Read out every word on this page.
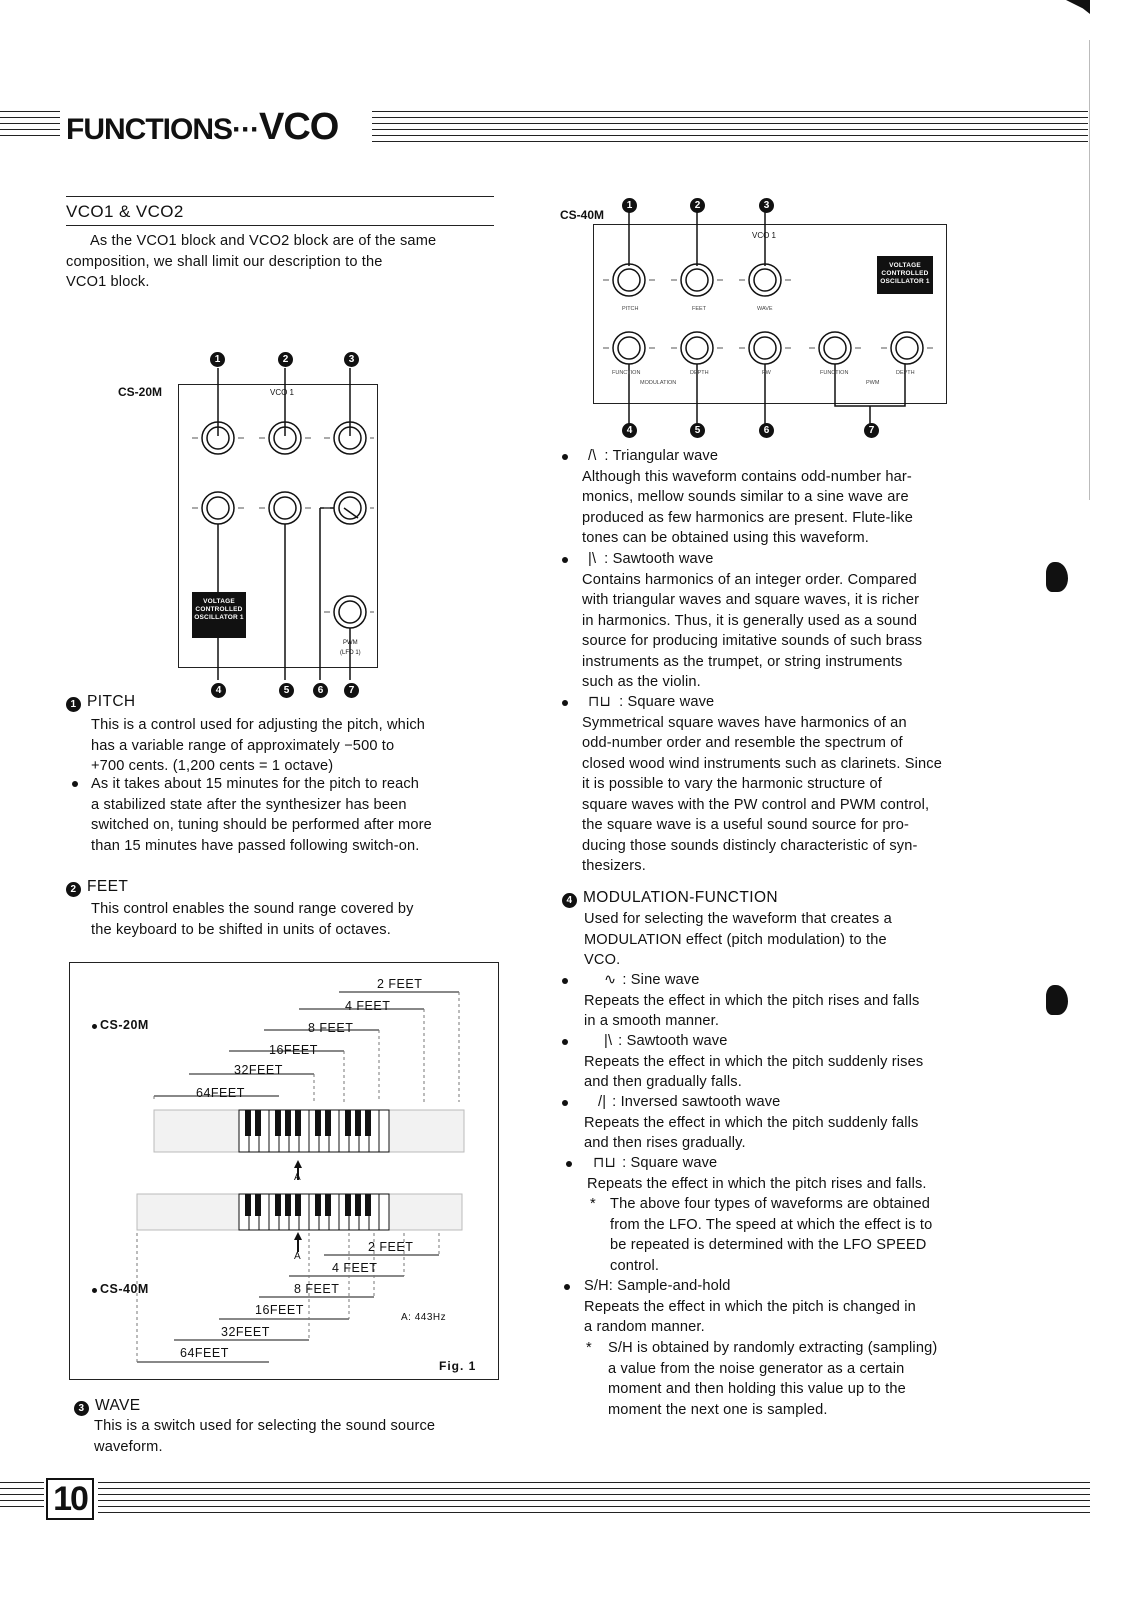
FUNCTIONS···VCO
VCO1 & VCO2
As the VCO1 block and VCO2 block are of the same
composition, we shall limit our description to the
VCO1 block.
CS-20M
1	2	3
VCO 1
VOLTAGE CONTROLLED OSCILLATOR 1
PWM
(LFO 1)
4	5	6	7
1 PITCH
This is a control used for adjusting the pitch, which
has a variable range of approximately −500 to
+700 cents. (1,200 cents = 1 octave)
As it takes about 15 minutes for the pitch to reach
a stabilized state after the synthesizer has been
switched on, tuning should be performed after more
than 15 minutes have passed following switch-on.
2 FEET
This control enables the sound range covered by
the keyboard to be shifted in units of octaves.
CS-20M
CS-40M
2 FEET
4 FEET
8 FEET
16FEET
32FEET
64FEET
A
A
2 FEET
4 FEET
8 FEET
16FEET
32FEET
64FEET
A: 443Hz
Fig. 1
3 WAVE
This is a switch used for selecting the sound source
waveform.
CS-40M
1	2	3
VCO 1
VOLTAGE CONTROLLED OSCILLATOR 1
PITCH	FEET	WAVE
FUNCTION	DEPTH	PW	FUNCTION	DEPTH
MODULATION	PWM
4	5	6	7
/\ : Triangular wave
Although this waveform contains odd-number har-
monics, mellow sounds similar to a sine wave are
produced as few harmonics are present. Flute-like
tones can be obtained using this waveform.
|\ : Sawtooth wave
Contains harmonics of an integer order. Compared
with triangular waves and square waves, it is richer
in harmonics. Thus, it is generally used as a sound
source for producing imitative sounds of such brass
instruments as the trumpet, or string instruments
such as the violin.
⊓⊔ : Square wave
Symmetrical square waves have harmonics of an
odd-number order and resemble the spectrum of
closed wood wind instruments such as clarinets. Since
it is possible to vary the harmonic structure of
square waves with the PW control and PWM control,
the square wave is a useful sound source for pro-
ducing those sounds distincly characteristic of syn-
thesizers.
4 MODULATION-FUNCTION
Used for selecting the waveform that creates a
MODULATION effect (pitch modulation) to the
VCO.
∿ : Sine wave
Repeats the effect in which the pitch rises and falls
in a smooth manner.
|\ : Sawtooth wave
Repeats the effect in which the pitch suddenly rises
and then gradually falls.
/| : Inversed sawtooth wave
Repeats the effect in which the pitch suddenly falls
and then rises gradually.
⊓⊔ : Square wave
Repeats the effect in which the pitch rises and falls.
* The above four types of waveforms are obtained
from the LFO. The speed at which the effect is to
be repeated is determined with the LFO SPEED
control.
S/H: Sample-and-hold
Repeats the effect in which the pitch is changed in
a random manner.
* S/H is obtained by randomly extracting (sampling)
a value from the noise generator as a certain
moment and then holding this value up to the
moment the next one is sampled.
10
